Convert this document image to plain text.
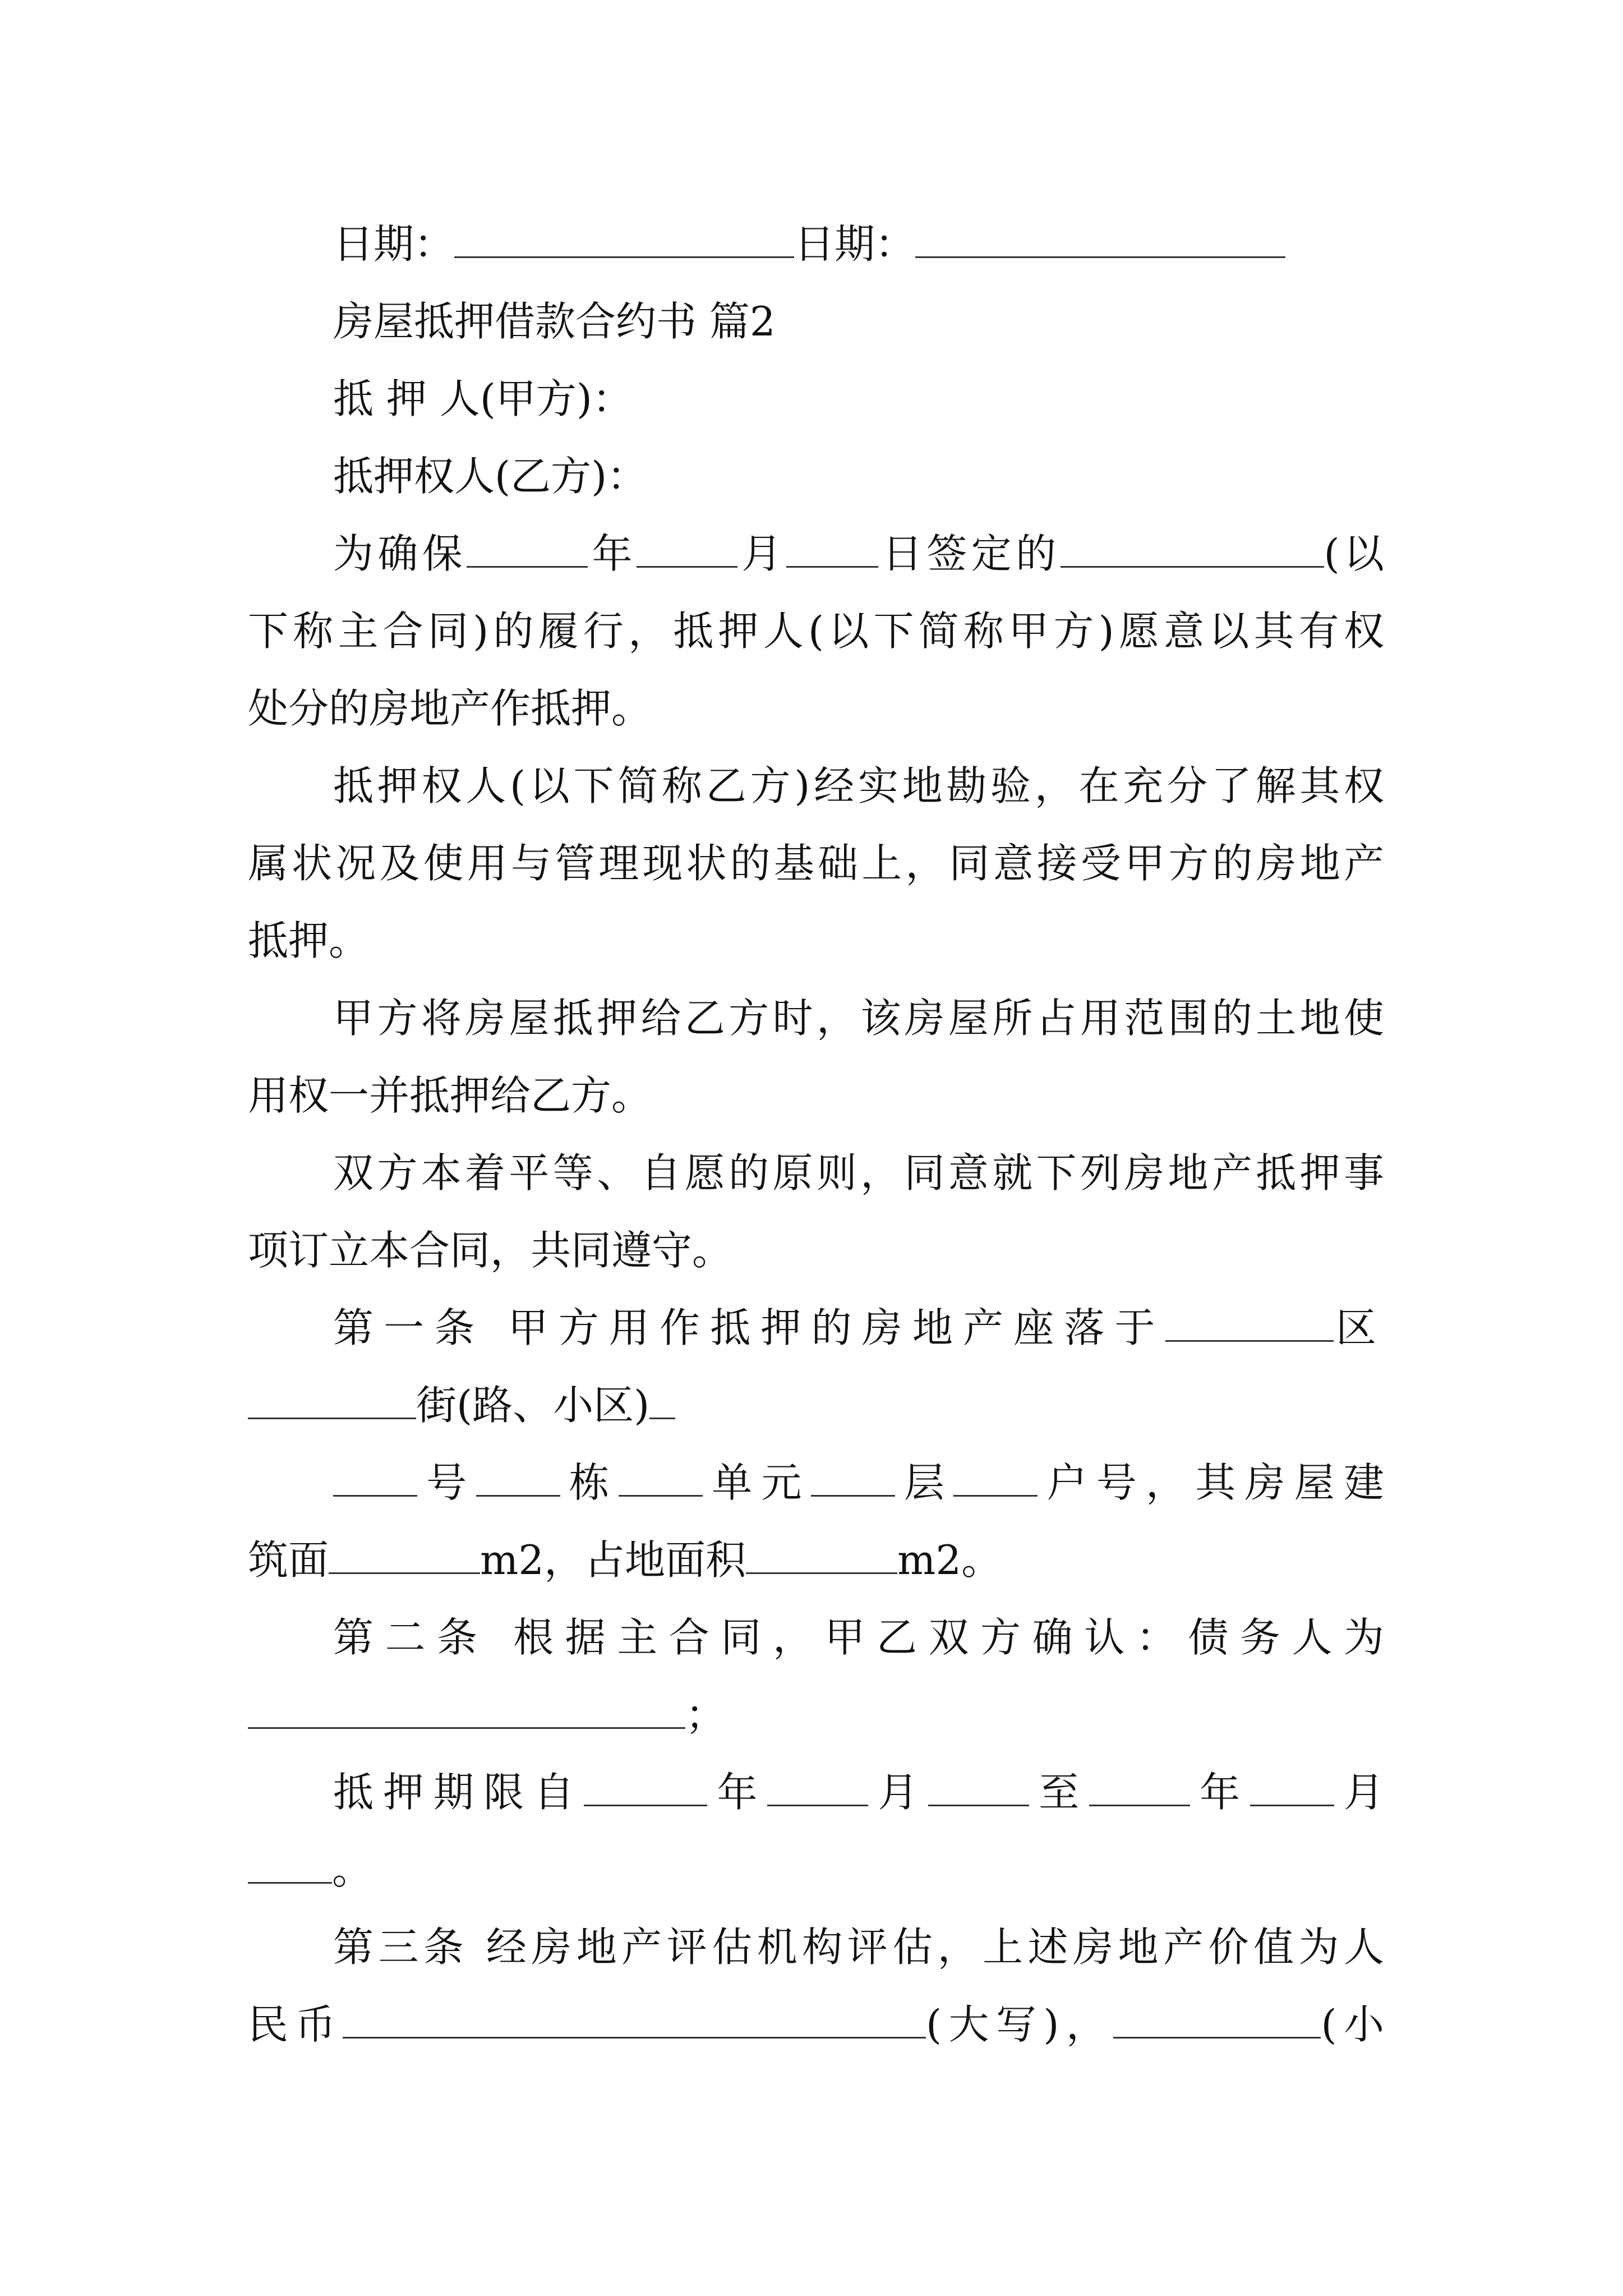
日期：	日期：
房屋抵押借款合约书 篇2
抵 押 人(甲方)：
抵押权人(乙方)：
为确保	年	月 日签定的	(以
下称主合同)的履行，抵押人(以下简称甲方)愿意以其有权
处分的房地产作抵押。
抵押权人(以下简称乙方)经实地勘验，在充分了解其权
属状况及使用与管理现状的基础上，同意接受甲方的房地产
抵押。
甲方将房屋抵押给乙方时，该房屋所占用范围的土地使
用权一并抵押给乙方。
双方本着平等、自愿的原则，同意就下列房地产抵押事
项订立本合同，共同遵守。
第一条 甲方用作抵押的房地产座落于	区
街(路、小区)
号 栋 单元 层 户号，其房屋建
筑面	m2，占地面积	m2。
第二条 根据主合同，甲乙双方确认：债务人为
；
抵押期限自	年	月	至	年 月
。
第三条 经房地产评估机构评估，上述房地产价值为人
民币	(大写)，	(小
